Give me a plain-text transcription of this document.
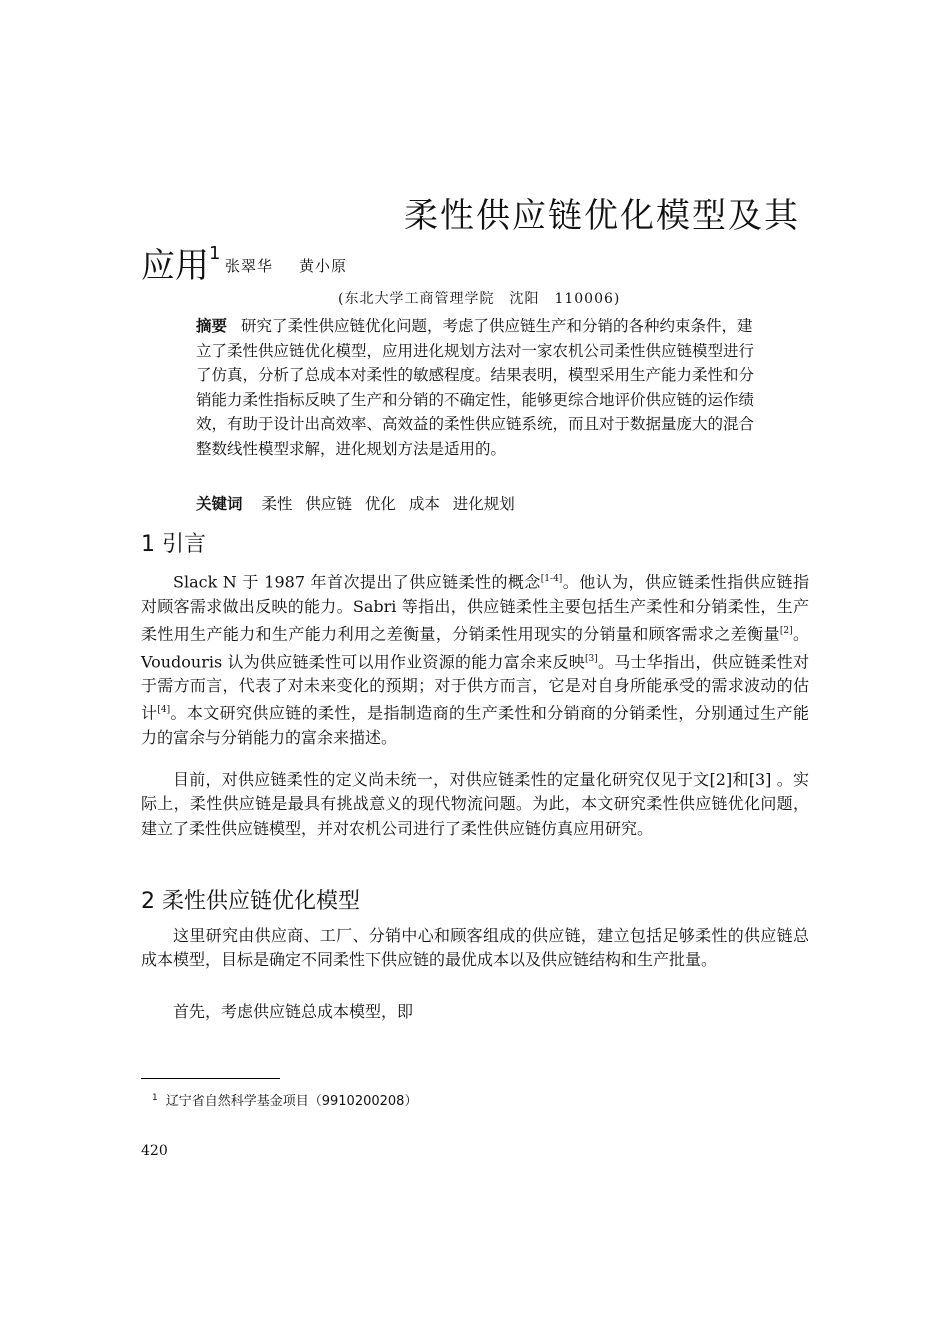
柔性供应链优化模型及其
应用$^1$
张翠华 黄小原
(东北大学工商管理学院　沈阳　110006)
摘要 研究了柔性供应链优化问题，考虑了供应链生产和分销的各种约束条件，建立了柔性供应链优化模型，应用进化规划方法对一家农机公司柔性供应链模型进行了仿真，分析了总成本对柔性的敏感程度。结果表明，模型采用生产能力柔性和分销能力柔性指标反映了生产和分销的不确定性，能够更综合地评价供应链的运作绩效，有助于设计出高效率、高效益的柔性供应链系统，而且对于数据量庞大的混合整数线性模型求解，进化规划方法是适用的。
关键词 柔性 供应链 优化 成本 进化规划
1 引言

Slack N 于 1987 年首次提出了供应链柔性的概念[1-4]。他认为，供应链柔性指供应链指对顾客需求做出反映的能力。Sabri 等指出，供应链柔性主要包括生产柔性和分销柔性，生产柔性用生产能力和生产能力利用之差衡量，分销柔性用现实的分销量和顾客需求之差衡量[2]。Voudouris 认为供应链柔性可以用作业资源的能力富余来反映[3]。马士华指出，供应链柔性对于需方而言，代表了对未来变化的预期；对于供方而言，它是对自身所能承受的需求波动的估计[4]。本文研究供应链的柔性，是指制造商的生产柔性和分销商的分销柔性，分别通过生产能力的富余与分销能力的富余来描述。

目前，对供应链柔性的定义尚未统一，对供应链柔性的定量化研究仅见于文[2]和[3] 。实际上，柔性供应链是最具有挑战意义的现代物流问题。为此，本文研究柔性供应链优化问题，建立了柔性供应链模型，并对农机公司进行了柔性供应链仿真应用研究。

2 柔性供应链优化模型

这里研究由供应商、工厂、分销中心和顾客组成的供应链，建立包括足够柔性的供应链总成本模型，目标是确定不同柔性下供应链的最优成本以及供应链结构和生产批量。

首先，考虑供应链总成本模型，即

$^1$ 辽宁省自然科学基金项目（9910200208）
420
